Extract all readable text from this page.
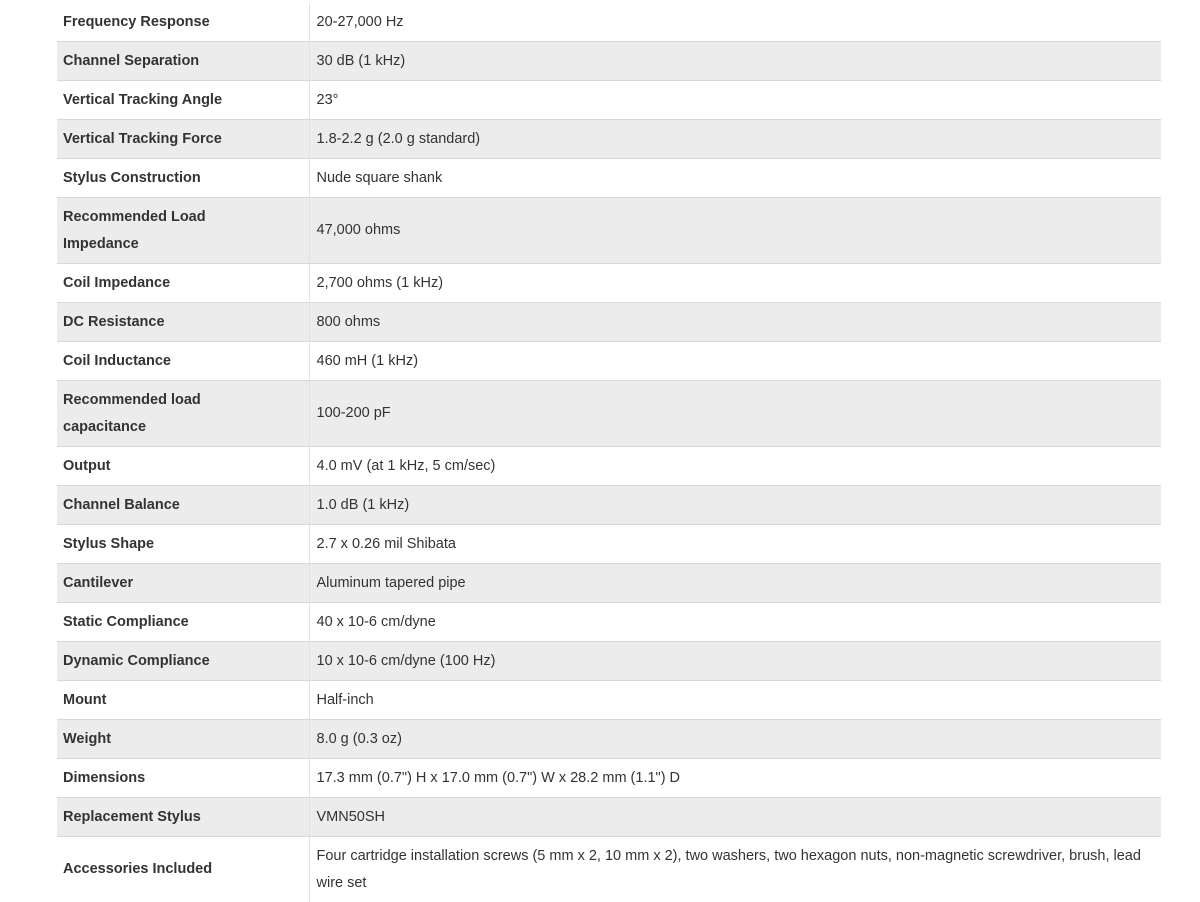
Frequency Response	20-27,000 Hz
Channel Separation	30 dB (1 kHz)
Vertical Tracking Angle	23°
Vertical Tracking Force	1.8-2.2 g (2.0 g standard)
Stylus Construction	Nude square shank
Recommended Load Impedance	47,000 ohms
Coil Impedance	2,700 ohms (1 kHz)
DC Resistance	800 ohms
Coil Inductance	460 mH (1 kHz)
Recommended load capacitance	100-200 pF
Output	4.0 mV (at 1 kHz, 5 cm/sec)
Channel Balance	1.0 dB (1 kHz)
Stylus Shape	2.7 x 0.26 mil Shibata
Cantilever	Aluminum tapered pipe
Static Compliance	40 x 10-6 cm/dyne
Dynamic Compliance	10 x 10-6 cm/dyne (100 Hz)
Mount	Half-inch
Weight	8.0 g (0.3 oz)
Dimensions	17.3 mm (0.7") H x 17.0 mm (0.7") W x 28.2 mm (1.1") D
Replacement Stylus	VMN50SH
Accessories Included	Four cartridge installation screws (5 mm x 2, 10 mm x 2), two washers, two hexagon nuts, non-magnetic screwdriver, brush, lead wire set
